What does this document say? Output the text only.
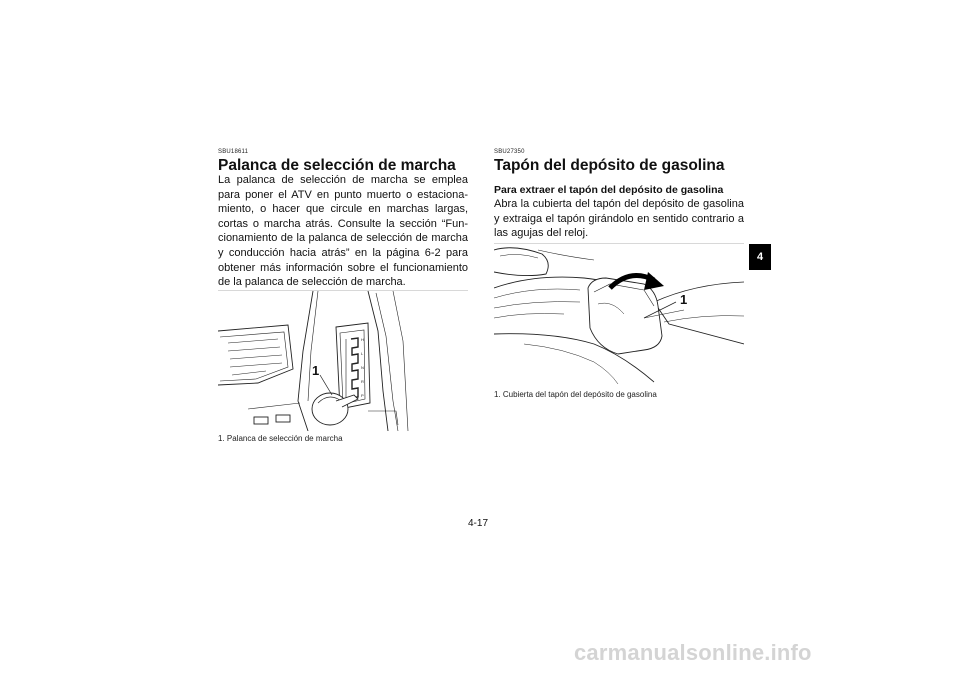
4
SBU18611
Palanca de selección de marcha
La palanca de selección de marcha se emplea
para poner el ATV en punto muerto o estaciona-
miento, o hacer que circule en marchas largas,
cortas o marcha atrás. Consulte la sección “Fun-
cionamiento de la palanca de selección de marcha
y conducción hacia atrás” en la página 6-2 para
obtener más información sobre el funcionamiento
de la palanca de selección de marcha.
H
L
N
R
P
1
1. Palanca de selección de marcha
SBU27350
Tapón del depósito de gasolina
Para extraer el tapón del depósito de gasolina
Abra la cubierta del tapón del depósito de gasolina
y extraiga el tapón girándolo en sentido contrario a
las agujas del reloj.
1
1. Cubierta del tapón del depósito de gasolina
4-17
carmanualsonline.info
